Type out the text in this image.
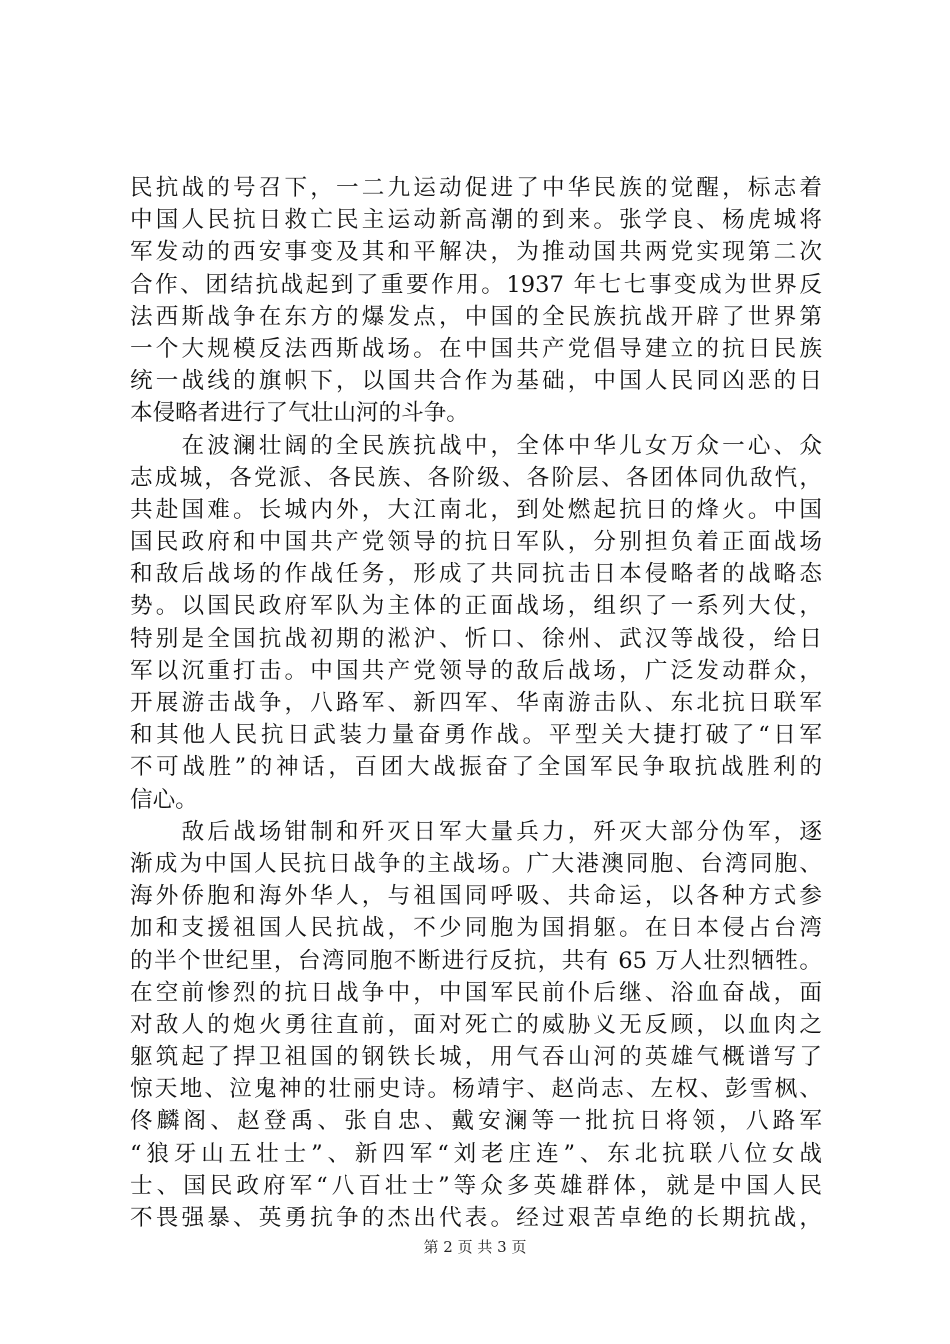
民抗战的号召下，一二九运动促进了中华民族的觉醒，标志着
中国人民抗日救亡民主运动新高潮的到来。张学良、杨虎城将
军发动的西安事变及其和平解决，为推动国共两党实现第二次
合作、团结抗战起到了重要作用。1937 年七七事变成为世界反
法西斯战争在东方的爆发点，中国的全民族抗战开辟了世界第
一个大规模反法西斯战场。在中国共产党倡导建立的抗日民族
统一战线的旗帜下，以国共合作为基础，中国人民同凶恶的日
本侵略者进行了气壮山河的斗争。
　　在波澜壮阔的全民族抗战中，全体中华儿女万众一心、众
志成城，各党派、各民族、各阶级、各阶层、各团体同仇敌忾，
共赴国难。长城内外，大江南北，到处燃起抗日的烽火。中国
国民政府和中国共产党领导的抗日军队，分别担负着正面战场
和敌后战场的作战任务，形成了共同抗击日本侵略者的战略态
势。以国民政府军队为主体的正面战场，组织了一系列大仗，
特别是全国抗战初期的淞沪、忻口、徐州、武汉等战役，给日
军以沉重打击。中国共产党领导的敌后战场，广泛发动群众，
开展游击战争，八路军、新四军、华南游击队、东北抗日联军
和其他人民抗日武装力量奋勇作战。平型关大捷打破了“日军
不可战胜”的神话，百团大战振奋了全国军民争取抗战胜利的
信心。
　　敌后战场钳制和歼灭日军大量兵力，歼灭大部分伪军，逐
渐成为中国人民抗日战争的主战场。广大港澳同胞、台湾同胞、
海外侨胞和海外华人，与祖国同呼吸、共命运，以各种方式参
加和支援祖国人民抗战，不少同胞为国捐躯。在日本侵占台湾
的半个世纪里，台湾同胞不断进行反抗，共有 65 万人壮烈牺牲。
在空前惨烈的抗日战争中，中国军民前仆后继、浴血奋战，面
对敌人的炮火勇往直前，面对死亡的威胁义无反顾，以血肉之
躯筑起了捍卫祖国的钢铁长城，用气吞山河的英雄气概谱写了
惊天地、泣鬼神的壮丽史诗。杨靖宇、赵尚志、左权、彭雪枫、
佟麟阁、赵登禹、张自忠、戴安澜等一批抗日将领，八路军
“狼牙山五壮士”、新四军“刘老庄连”、东北抗联八位女战
士、国民政府军“八百壮士”等众多英雄群体，就是中国人民
不畏强暴、英勇抗争的杰出代表。经过艰苦卓绝的长期抗战，
第 2 页 共 3 页
